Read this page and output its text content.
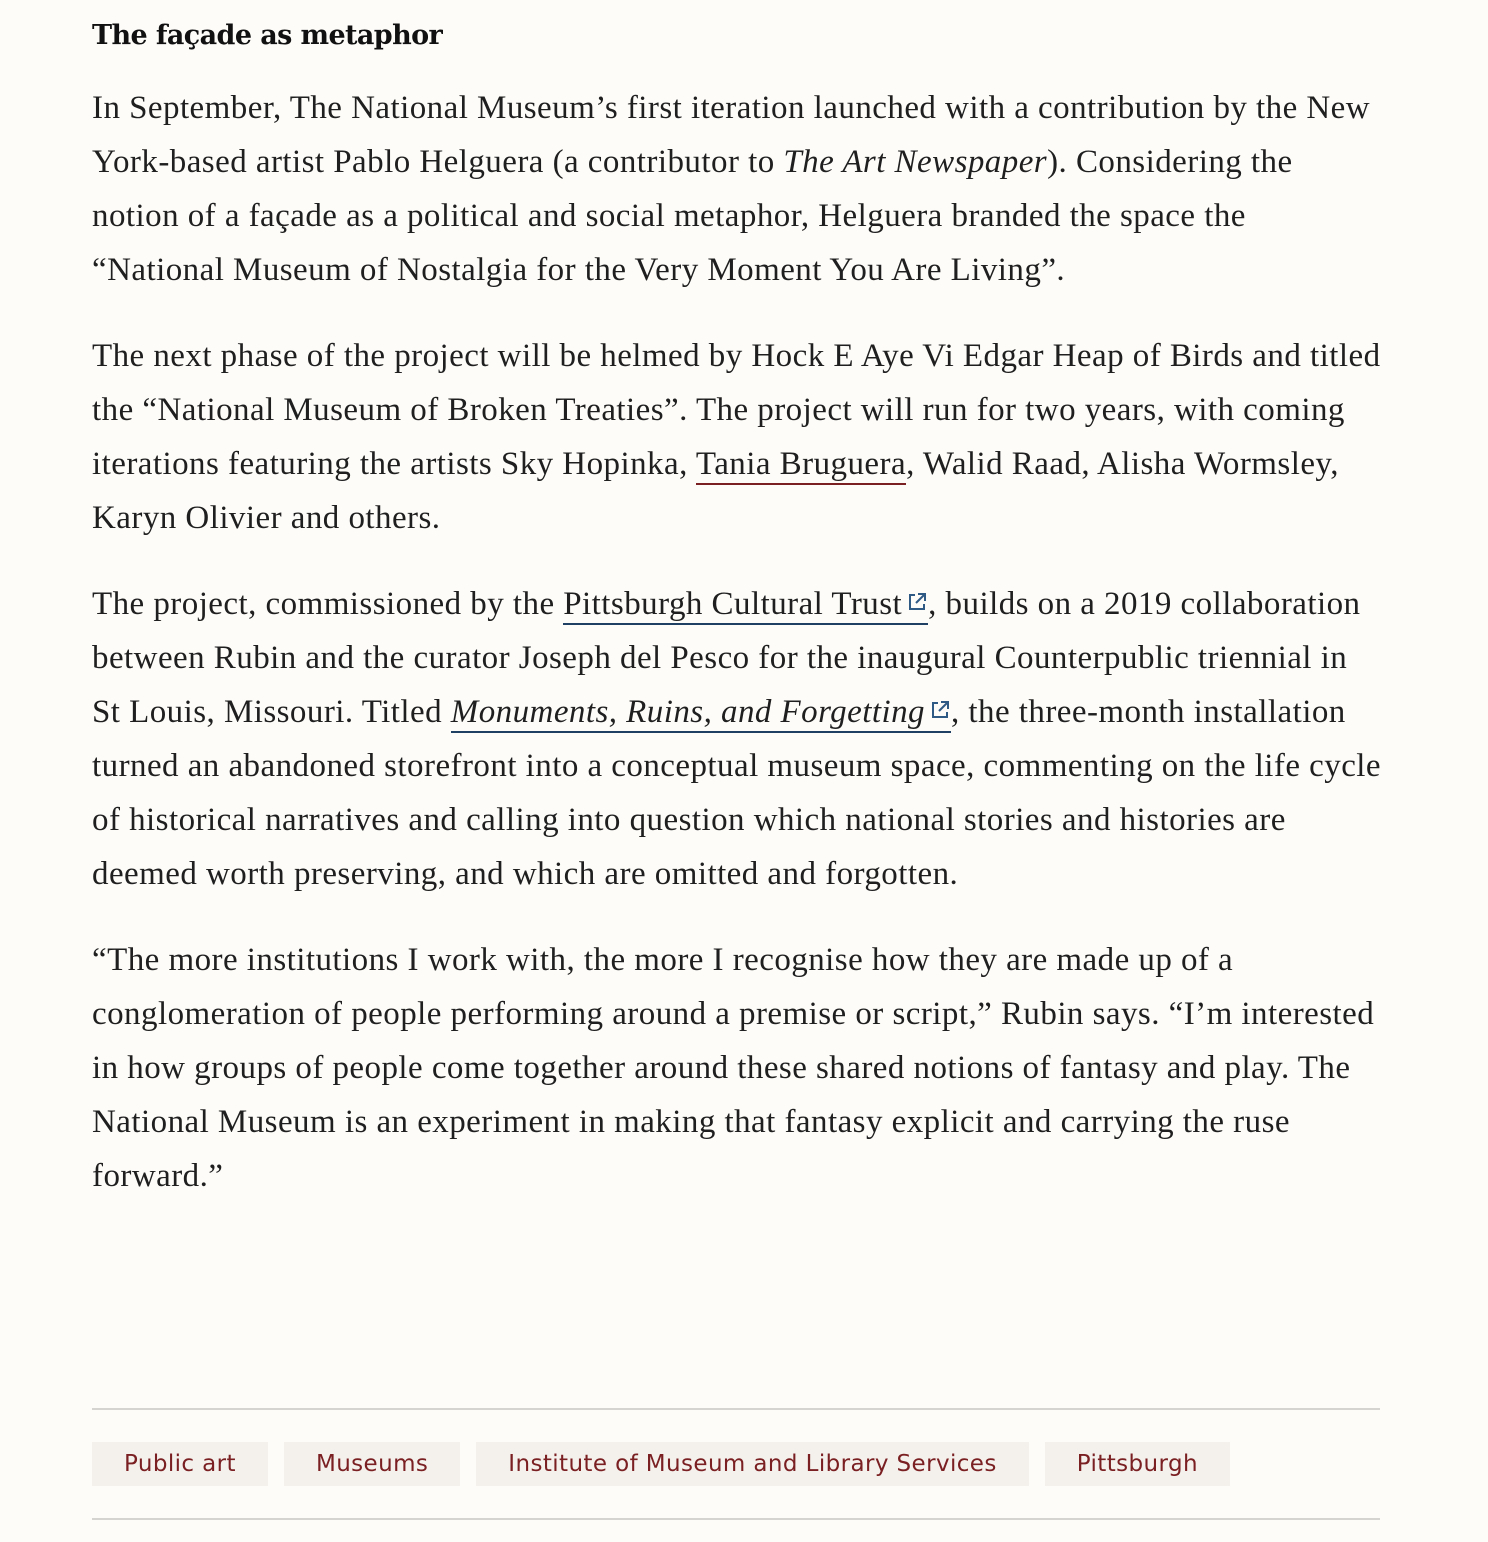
The façade as metaphor

In September, The National Museum’s first iteration launched with a contribution by the New York-based artist Pablo Helguera (a contributor to The Art Newspaper). Considering the notion of a façade as a political and social metaphor, Helguera branded the space the “National Museum of Nostalgia for the Very Moment You Are Living”.

The next phase of the project will be helmed by Hock E Aye Vi Edgar Heap of Birds and titled the “National Museum of Broken Treaties”. The project will run for two years, with coming iterations featuring the artists Sky Hopinka, Tania Bruguera, Walid Raad, Alisha Wormsley, Karyn Olivier and others.

The project, commissioned by the Pittsburgh Cultural Trust , builds on a 2019 collaboration between Rubin and the curator Joseph del Pesco for the inaugural Counterpublic triennial in St Louis, Missouri. Titled Monuments, Ruins, and Forgetting , the three-month installation turned an abandoned storefront into a conceptual museum space, commenting on the life cycle of historical narratives and calling into question which national stories and histories are deemed worth preserving, and which are omitted and forgotten.

“The more institutions I work with, the more I recognise how they are made up of a conglomeration of people performing around a premise or script,” Rubin says. “I’m interested in how groups of people come together around these shared notions of fantasy and play. The National Museum is an experiment in making that fantasy explicit and carrying the ruse forward.”

Public art	Museums	Institute of Museum and Library Services	Pittsburgh
